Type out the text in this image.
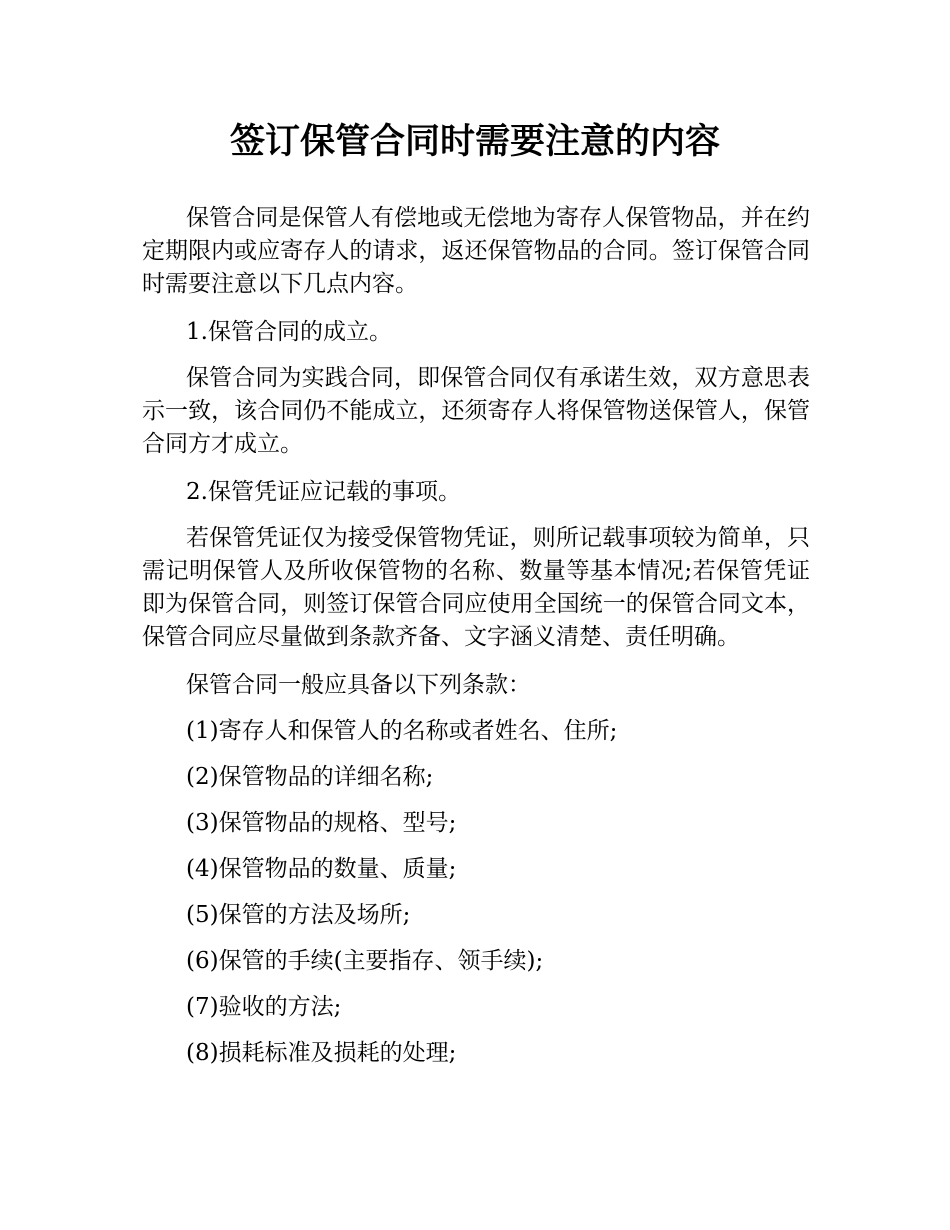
签订保管合同时需要注意的内容

保管合同是保管人有偿地或无偿地为寄存人保管物品，并在约定期限内或应寄存人的请求，返还保管物品的合同。签订保管合同时需要注意以下几点内容。

1.保管合同的成立。

保管合同为实践合同，即保管合同仅有承诺生效，双方意思表示一致，该合同仍不能成立，还须寄存人将保管物送保管人，保管合同方才成立。

2.保管凭证应记载的事项。

若保管凭证仅为接受保管物凭证，则所记载事项较为简单，只需记明保管人及所收保管物的名称、数量等基本情况;若保管凭证即为保管合同，则签订保管合同应使用全国统一的保管合同文本，保管合同应尽量做到条款齐备、文字涵义清楚、责任明确。

保管合同一般应具备以下列条款：

(1)寄存人和保管人的名称或者姓名、住所;

(2)保管物品的详细名称;

(3)保管物品的规格、型号;

(4)保管物品的数量、质量;

(5)保管的方法及场所;

(6)保管的手续(主要指存、领手续);

(7)验收的方法;

(8)损耗标准及损耗的处理;
